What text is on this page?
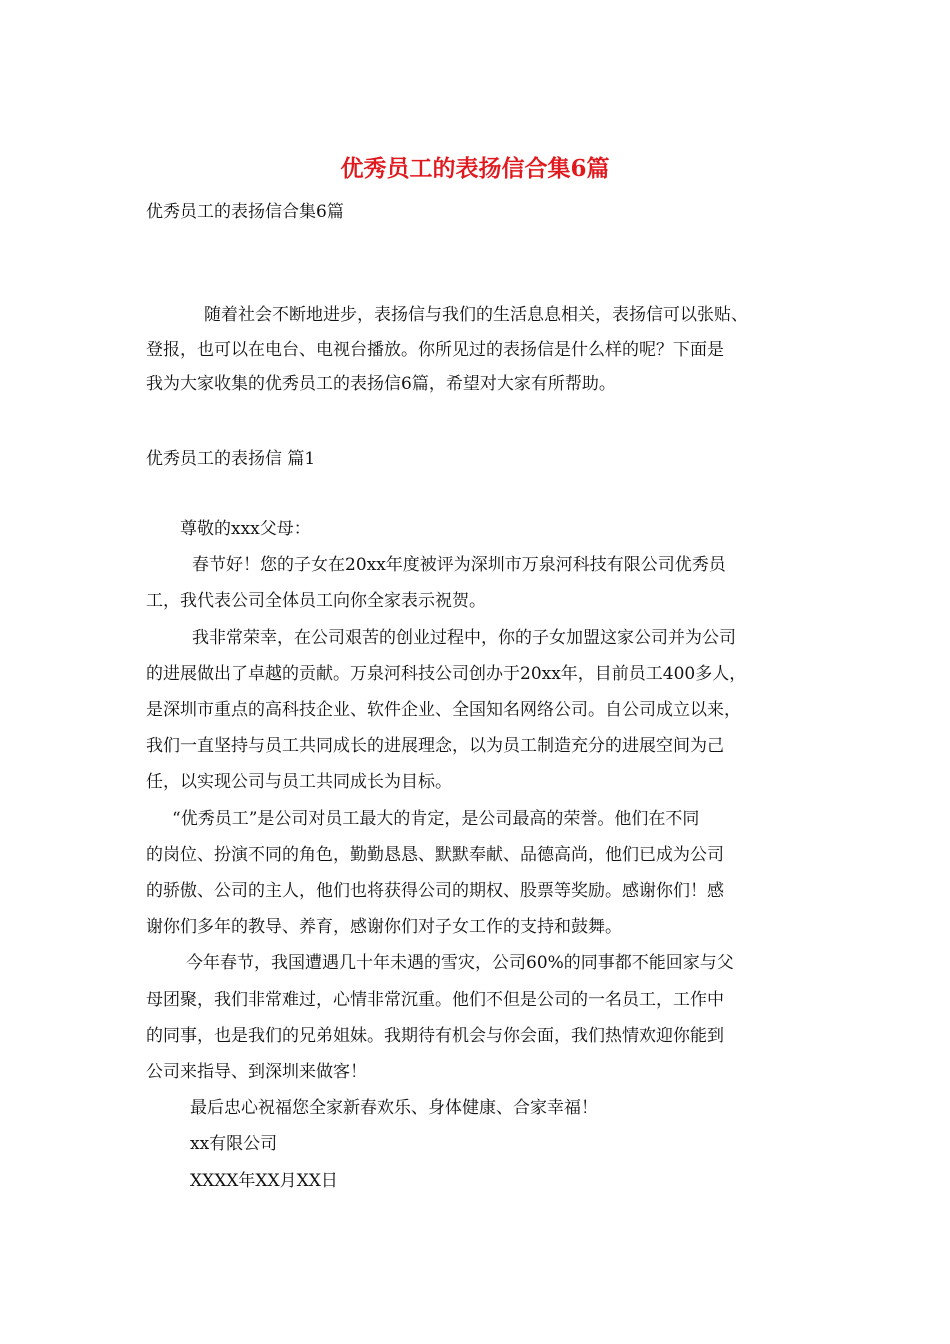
优秀员工的表扬信合集6篇
优秀员工的表扬信合集6篇
随着社会不断地进步，表扬信与我们的生活息息相关，表扬信可以张贴、
登报，也可以在电台、电视台播放。你所见过的表扬信是什么样的呢？下面是
我为大家收集的优秀员工的表扬信6篇，希望对大家有所帮助。
优秀员工的表扬信 篇1
尊敬的xxx父母：
春节好！您的子女在20xx年度被评为深圳市万泉河科技有限公司优秀员
工，我代表公司全体员工向你全家表示祝贺。
我非常荣幸，在公司艰苦的创业过程中，你的子女加盟这家公司并为公司
的进展做出了卓越的贡献。万泉河科技公司创办于20xx年，目前员工400多人，
是深圳市重点的高科技企业、软件企业、全国知名网络公司。自公司成立以来，
我们一直坚持与员工共同成长的进展理念，以为员工制造充分的进展空间为己
任，以实现公司与员工共同成长为目标。
“优秀员工”是公司对员工最大的肯定，是公司最高的荣誉。他们在不同
的岗位、扮演不同的角色，勤勤恳恳、默默奉献、品德高尚，他们已成为公司
的骄傲、公司的主人，他们也将获得公司的期权、股票等奖励。感谢你们！感
谢你们多年的教导、养育，感谢你们对子女工作的支持和鼓舞。
今年春节，我国遭遇几十年未遇的雪灾，公司60%的同事都不能回家与父
母团聚，我们非常难过，心情非常沉重。他们不但是公司的一名员工，工作中
的同事，也是我们的兄弟姐妹。我期待有机会与你会面，我们热情欢迎你能到
公司来指导、到深圳来做客！
最后忠心祝福您全家新春欢乐、身体健康、合家幸福！
xx有限公司
XXXX年XX月XX日
